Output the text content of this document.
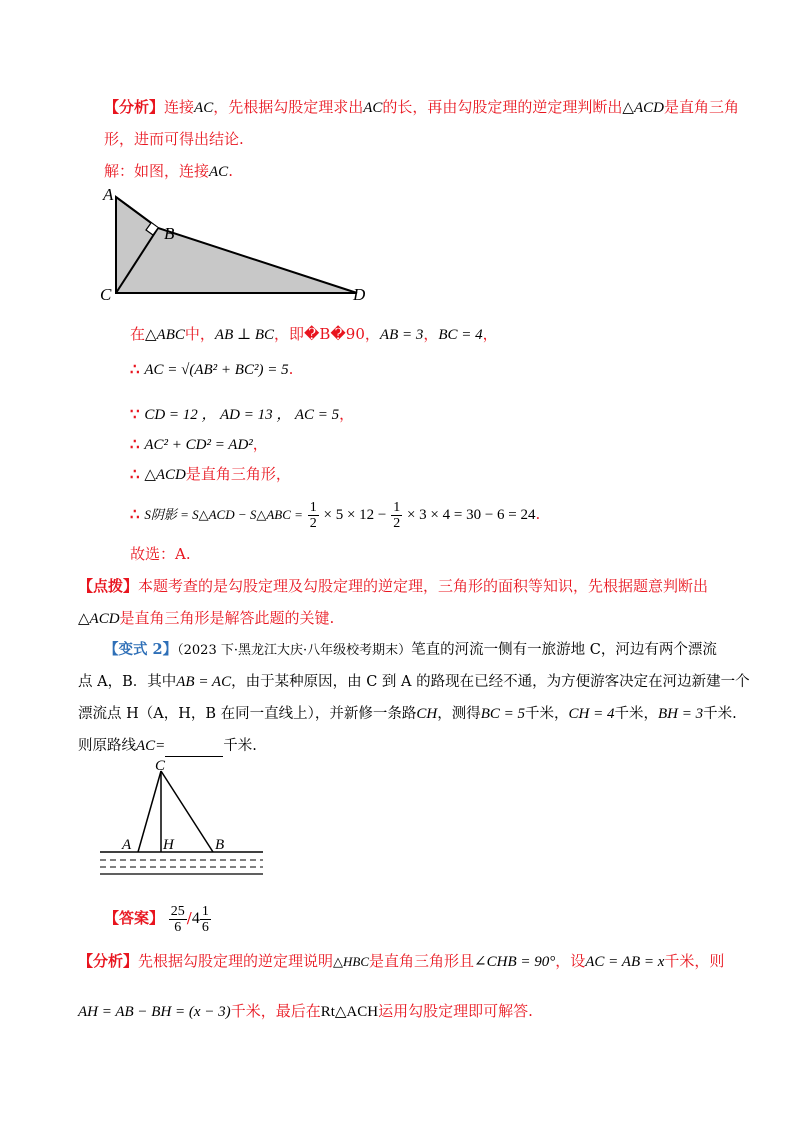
【分析】连接AC，先根据勾股定理求出AC的长，再由勾股定理的逆定理判断出△ACD是直角三角
形，进而可得出结论.
解：如图，连接AC.
A
B
C	D
在△ABC中，AB ⊥ BC，即�B�90，AB = 3，BC = 4，
∴ AC = √(AB² + BC²) = 5.
∵ CD = 12 ， AD = 13 ， AC = 5，
∴ AC² + CD² = AD²，
∴ △ACD是直角三角形，
∴ S阴影 = S△ACD − S△ABC = $\frac{1}{2} \times 5 \times 12 - \frac{1}{2} \times 3 \times 4 = 30 - 6 = 24$.
故选：A.
【点拨】本题考查的是勾股定理及勾股定理的逆定理，三角形的面积等知识，先根据题意判断出
△ACD是直角三角形是解答此题的关键.
【变式 2】（2023 下·黑龙江大庆·八年级校考期末）笔直的河流一侧有一旅游地 C，河边有两个漂流
点 A，B．其中AB = AC，由于某种原因，由 C 到 A 的路现在已经不通，为方便游客决定在河边新建一个
漂流点 H（A，H，B 在同一直线上），并新修一条路CH，测得BC = 5千米，CH = 4千米，BH = 3千米.
则原路线AC=	千米.
C
A H	B
【答案】 $\frac{25}{6} /4 \frac{1}{6}$
【分析】先根据勾股定理的逆定理说明△HBC是直角三角形且∠CHB = 90°，设AC = AB = x千米，则
AH = AB − BH = (x − 3)千米，最后在Rt△ACH运用勾股定理即可解答.
